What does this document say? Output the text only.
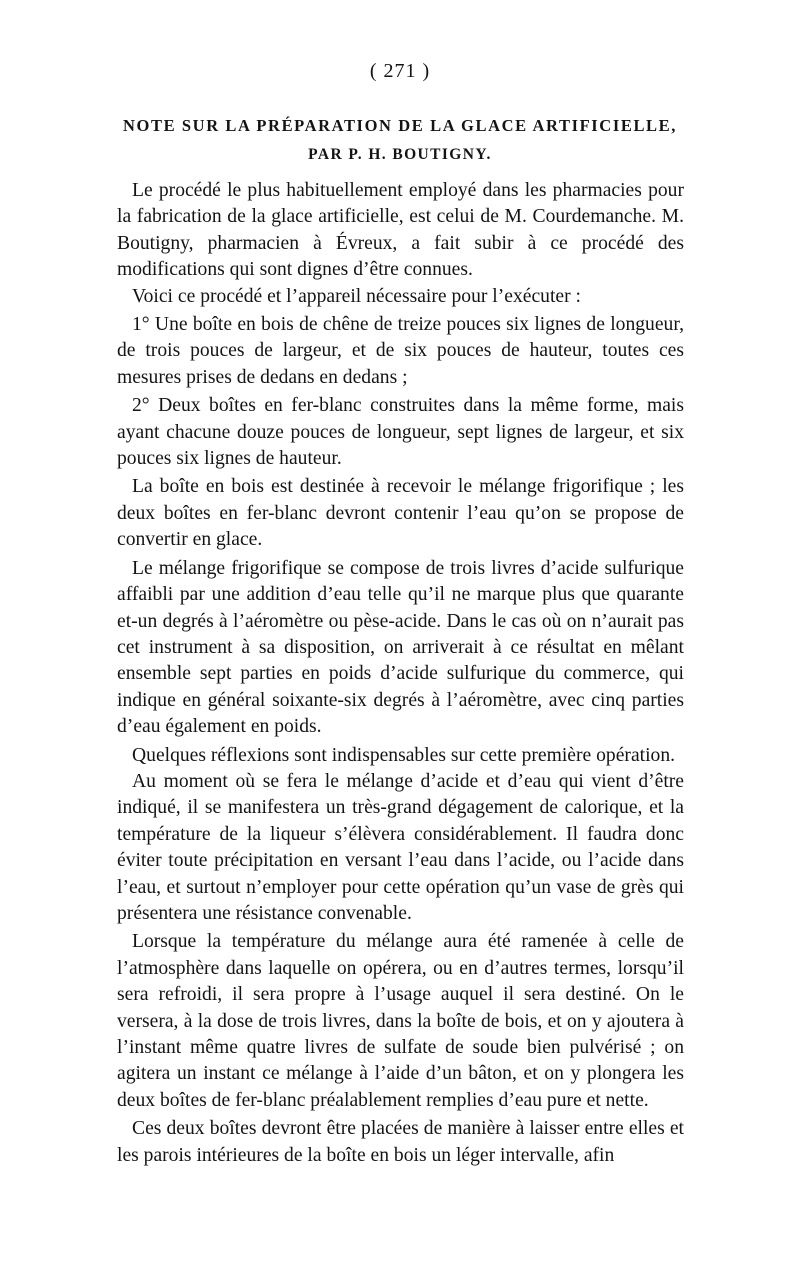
( 271 )
NOTE SUR LA PRÉPARATION DE LA GLACE ARTIFICIELLE,
PAR P. H. BOUTIGNY.

Le procédé le plus habituellement employé dans les pharmacies pour la fabrication de la glace artificielle, est celui de M. Courdemanche. M. Boutigny, pharmacien à Évreux, a fait subir à ce procédé des modifications qui sont dignes d’être connues.

Voici ce procédé et l’appareil nécessaire pour l’exécuter :

1° Une boîte en bois de chêne de treize pouces six lignes de longueur, de trois pouces de largeur, et de six pouces de hauteur, toutes ces mesures prises de dedans en dedans ;

2° Deux boîtes en fer-blanc construites dans la même forme, mais ayant chacune douze pouces de longueur, sept lignes de largeur, et six pouces six lignes de hauteur.

La boîte en bois est destinée à recevoir le mélange frigorifique ; les deux boîtes en fer-blanc devront contenir l’eau qu’on se propose de convertir en glace.

Le mélange frigorifique se compose de trois livres d’acide sulfurique affaibli par une addition d’eau telle qu’il ne marque plus que quarante et-un degrés à l’aéromètre ou pèse-acide. Dans le cas où on n’aurait pas cet instrument à sa disposition, on arriverait à ce résultat en mêlant ensemble sept parties en poids d’acide sulfurique du commerce, qui indique en général soixante-six degrés à l’aéromètre, avec cinq parties d’eau également en poids.

Quelques réflexions sont indispensables sur cette première opération.

Au moment où se fera le mélange d’acide et d’eau qui vient d’être indiqué, il se manifestera un très-grand dégagement de calorique, et la température de la liqueur s’élèvera considérablement. Il faudra donc éviter toute précipitation en versant l’eau dans l’acide, ou l’acide dans l’eau, et surtout n’employer pour cette opération qu’un vase de grès qui présentera une résistance convenable.

Lorsque la température du mélange aura été ramenée à celle de l’atmosphère dans laquelle on opérera, ou en d’autres termes, lorsqu’il sera refroidi, il sera propre à l’usage auquel il sera destiné. On le versera, à la dose de trois livres, dans la boîte de bois, et on y ajoutera à l’instant même quatre livres de sulfate de soude bien pulvérisé ; on agitera un instant ce mélange à l’aide d’un bâton, et on y plongera les deux boîtes de fer-blanc préalablement remplies d’eau pure et nette.

Ces deux boîtes devront être placées de manière à laisser entre elles et les parois intérieures de la boîte en bois un léger intervalle, afin
